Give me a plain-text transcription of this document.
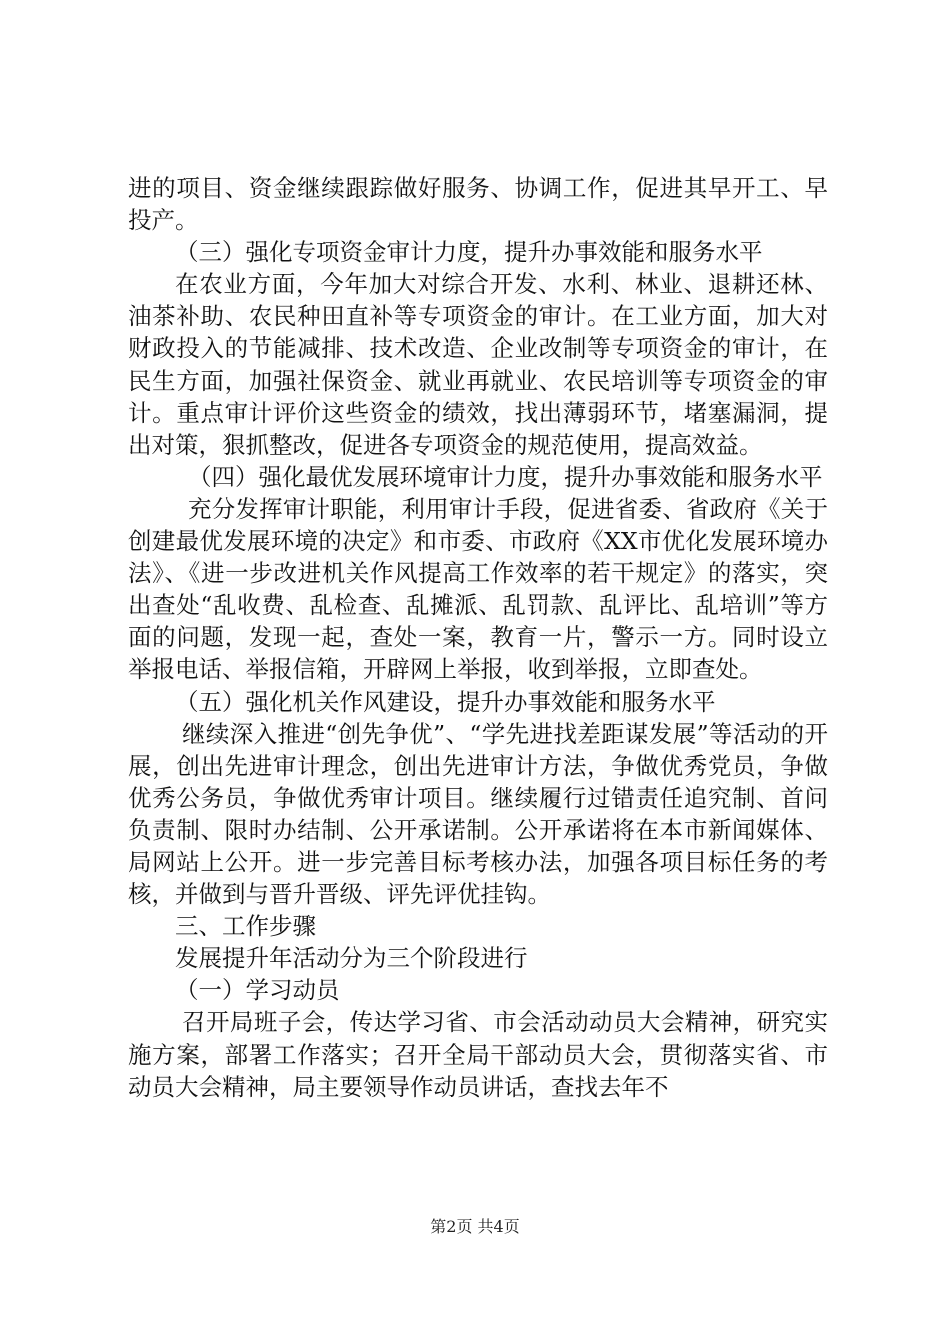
进的项目、资金继续跟踪做好服务、协调工作，促进其早开工、早投产。

（三）强化专项资金审计力度，提升办事效能和服务水平

在农业方面，今年加大对综合开发、水利、林业、退耕还林、油茶补助、农民种田直补等专项资金的审计。在工业方面，加大对财政投入的节能减排、技术改造、企业改制等专项资金的审计，在民生方面，加强社保资金、就业再就业、农民培训等专项资金的审计。重点审计评价这些资金的绩效，找出薄弱环节，堵塞漏洞，提出对策，狠抓整改，促进各专项资金的规范使用，提高效益。

（四）强化最优发展环境审计力度，提升办事效能和服务水平

充分发挥审计职能，利用审计手段，促进省委、省政府《关于创建最优发展环境的决定》和市委、市政府《XX市优化发展环境办法》、《进一步改进机关作风提高工作效率的若干规定》的落实，突出查处“乱收费、乱检查、乱摊派、乱罚款、乱评比、乱培训”等方面的问题，发现一起，查处一案，教育一片，警示一方。同时设立举报电话、举报信箱，开辟网上举报，收到举报，立即查处。

（五）强化机关作风建设，提升办事效能和服务水平

继续深入推进“创先争优”、“学先进找差距谋发展”等活动的开展，创出先进审计理念，创出先进审计方法，争做优秀党员，争做优秀公务员，争做优秀审计项目。继续履行过错责任追究制、首问负责制、限时办结制、公开承诺制。公开承诺将在本市新闻媒体、局网站上公开。进一步完善目标考核办法，加强各项目标任务的考核，并做到与晋升晋级、评先评优挂钩。

三、工作步骤

发展提升年活动分为三个阶段进行

（一）学习动员

召开局班子会，传达学习省、市会活动动员大会精神，研究实施方案，部署工作落实；召开全局干部动员大会，贯彻落实省、市动员大会精神，局主要领导作动员讲话，查找去年不

第2页 共4页
